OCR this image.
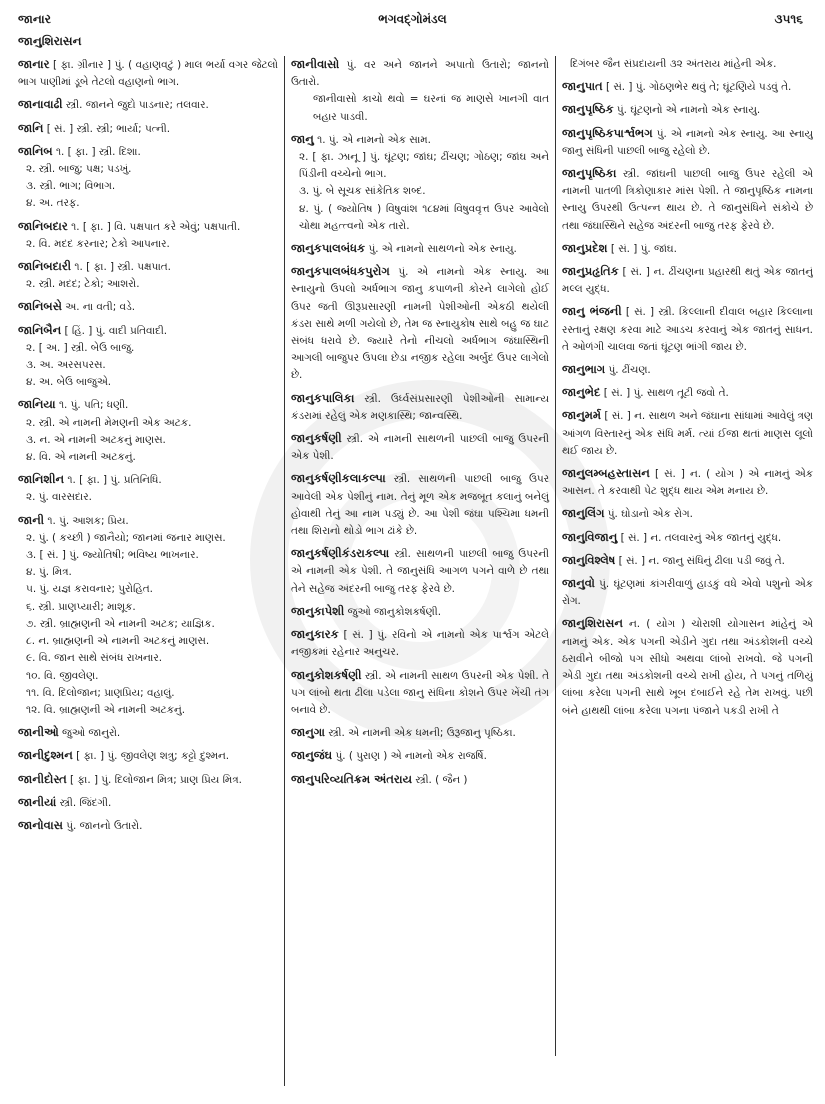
જાનાર
જાનુશિરાસન
ભગવદ્ગોમંડલ	૩૫૧૬
જાનાર [ ફા. ગ્રીનાર ] પું. ( વહાણવટું ) માલ ભર્યા વગર જેટલો ભાગ પાણીમાં ડૂબે તેટલો વહાણનો ભાગ.
જાનાવાઢી સ્ત્રી. જાનને જુદો પાડનાર; તલવાર.
જાનિ [ સં. ] સ્ત્રી. સ્ત્રી; ભાર્યા; પત્ની.
જાનિબ ૧. [ ફા. ] સ્ત્રી. દિશા.
૨. સ્ત્રી. બાજુ; પક્ષ; પડખું.
૩. સ્ત્રી. ભાગ; વિભાગ.
૪. અ. તરફ.
જાનિબદાર ૧. [ ફા. ] વિ. પક્ષપાત કરે એવું; પક્ષપાતી.
૨. વિ. મદદ કરનાર; ટેકો આપનાર.
જાનિબદારી ૧. [ ફા. ] સ્ત્રી. પક્ષપાત.
૨. સ્ત્રી. મદદ; ટેકો; આશરો.
જાનિબસે અ. ના વતી; વડે.
જાનિબૈન [ હિં. ] પું. વાદી પ્રતિવાદી.
૨. [ અ. ] સ્ત્રી. બેઉ બાજુ.
૩. અ. અરસપરસ.
૪. અ. બેઉ બાજુએ.
જાનિયા ૧. પું. પતિ; ધણી.
૨. સ્ત્રી. એ નામની મેમણની એક અટક.
૩. ન. એ નામની અટકનું માણસ.
૪. વિ. એ નામની અટકનું.
જાનિશીન ૧. [ ફા. ] પું. પ્રતિનિધિ.
૨. પું. વારસદાર.
જાની ૧. પું. આશક; પ્રિય.
૨. પું. ( કચ્છી ) જાનૈયો; જાનમાં જનાર માણસ.
૩. [ સં. ] પું. જ્યોતિષી; ભવિષ્ય ભાખનાર.
૪. પું. મિત્ર.
૫. પું. યજ્ઞ કરાવનાર; પુરોહિત.
૬. સ્ત્રી. પ્રાણપ્યારી; માશૂક.
૭. સ્ત્રી. બ્રાહ્મણની એ નામની અટક; યાજ્ઞિક.
૮. ન. બ્રાહ્મણની એ નામની અટકનું માણસ.
૯. વિ. જાન સાથે સંબંધ રાખનાર.
૧૦. વિ. જીવલેણ.
૧૧. વિ. દિલોજાન; પ્રાણપ્રિય; વહાલું.
૧૨. વિ. બ્રાહ્મણની એ નામની અટકનું.
જાનીઓ જુઓ જાનુરો.
જાનીદુશ્મન [ ફા. ] પું. જીવલેણ શત્રુ; કટ્ટો દુશ્મન.
જાનીદોસ્ત [ ફા. ] પું. દિલોજાન મિત્ર; પ્રાણ પ્રિય મિત્ર.
જાનીયાં સ્ત્રી. જિંદગી.
જાનોવાસ પું. જાનનો ઉતારો.
જાનીવાસો પું. વર અને જાનને અપાતો ઉતારો; જાનનો ઉતારો.
જાનીવાસો કાચો થવો = ઘરનાં જ માણસે ખાનગી વાત બહાર પાડવી.
જાનુ ૧. પું. એ નામનો એક સામ.
૨. [ ફા. ઝાનૂ ] પું. ઘૂંટણ; જાંઘ; ઢીંચણ; ગોઠણ; જાંઘ અને પિંડીની વચ્ચેનો ભાગ.
૩. પું. બે સૂચક સાંકેતિક શબ્દ.
૪. પું. ( જ્યોતિષ ) વિષુવાંશ ૧૮૪માં વિષુવવૃત્ત ઉપર આવેલો ચોથા મહત્ત્વનો એક તારો.
જાનુકપાલબંધક પું. એ નામનો સાથળનો એક સ્નાયુ.
જાનુકપાલબંધકપુરોગ પું. એ નામનો એક સ્નાયુ. આ સ્નાયુનો ઉપલો અર્ધભાગ જાનુ કપાળની કોરને લાગેલો હોઈ ઉપર જતી ઊરૂપ્રસારણી નામની પેશીઓની એકઠી થયેલી કંડરા સાથે મળી ગયેલો છે, તેમ જ સ્નાયુકોષ સાથે બહુ જ ઘાટ સંબંધ ધરાવે છે. જ્યારે તેનો નીચલો અર્ધભાગ જંઘાસ્થિની આગલી બાજુપર ઉપલા છેડા નજીક રહેલા અર્બુદ ઉપર લાગેલો છે.
જાનુકપાલિકા સ્ત્રી. ઉર્ધ્વસંપ્રસારણી પેશીઓની સામાન્ય કંડરામાં રહેલું એક મણકાસ્થિ; જાન્વસ્થિ.
જાનુકર્ષણી સ્ત્રી. એ નામની સાથળની પાછલી બાજુ ઉપરની એક પેશી.
જાનુકર્ષણીકલાકલ્પા સ્ત્રી. સાથળની પાછલી બાજુ ઉપર આવેલી એક પેશીનું નામ. તેનું મૂળ એક મજબૂત કલાનું બનેલું હોવાથી તેનું આ નામ પડ્યું છે. આ પેશી જંઘા પશ્ચિમા ધમની તથા શિરાનો થોડો ભાગ ઢાંકે છે.
જાનુકર્ષણીકંડરાકલ્પા સ્ત્રી. સાથળની પાછલી બાજુ ઉપરની એ નામની એક પેશી. તે જાનુસંધિ આગળ પગને વાળે છે તથા તેને સહેજ અંદરની બાજુ તરફ ફેરવે છે.
જાનુકાપેશી જુઓ જાનુકોશકર્ષણી.
જાનુકારક [ સં. ] પું. રવિનો એ નામનો એક પાર્શ્વગ એટલે નજીકમાં રહેનાર અનુચર.
જાનુકોશકર્ષણી સ્ત્રી. એ નામની સાથળ ઉપરની એક પેશી. તે પગ લાંબો થતા ઢીલા પડેલા જાનુ સંધિના કોશને ઉપર ખેંચી તંગ બનાવે છે.
જાનુગા સ્ત્રી. એ નામની એક ધમની; ઉરૂજાનુ પૃષ્ઠિકા.
જાનુજંઘ પું. ( પુરાણ ) એ નામનો એક રાજર્ષિ.
જાનુપરિવ્યતિક્રમ અંતરાય સ્ત્રી. ( જૈન )
દિગંબર જૈન સંપ્રદાયની ૩૨ અંતરાય માંહેની એક.
જાનુપાત [ સં. ] પું. ગોઠણભેર થવું તે; ઘૂંટણિયે પડવું તે.
જાનુપૃષ્ઠિક પું. ઘૂંટણનો એ નામનો એક સ્નાયુ.
જાનુપૃષ્ઠિકપાર્શ્વભગ પું. એ નામનો એક સ્નાયુ. આ સ્નાયુ જાનુ સંધિની પાછલી બાજુ રહેલો છે.
જાનુપૃષ્ઠિકા સ્ત્રી. જાંઘની પાછલી બાજુ ઉપર રહેલી એ નામની પાતળી ત્રિકોણાકાર માંસ પેશી. તે જાનુપૃષ્ઠિક નામના સ્નાયુ ઉપરથી ઉત્પન્ન થાય છે. તે જાનુસંધિને સંકોચે છે તથા જંઘાસ્થિને સહેજ અંદરની બાજુ તરફ ફેરવે છે.
જાનુપ્રદેશ [ સં. ] પું. જાંઘ.
જાનુપ્રહૃતિક [ સં. ] ન. ઢીંચણના પ્રહારથી થતું એક જાતનું મલ્લ યુદ્ધ.
જાનુ ભંજની [ સં. ] સ્ત્રી. કિલ્લાની દીવાલ બહાર કિલ્લાના રસ્તાનું રક્ષણ કરવા માટે આડચ કરવાનું એક જાતનું સાધન. તે ઓળંગી ચાલવા જતાં ઘૂંટણ ભાંગી જાય છે.
જાનુભાગ પું. ઢીંચણ.
જાનુભેદ [ સં. ] પું. સાથળ તૂટી જવો તે.
જાનુમર્મ [ સં. ] ન. સાથળ અને જંઘાના સાંધામાં આવેલું ત્રણ આંગળ વિસ્તારનું એક સંધિ મર્મ. ત્યાં ઈજા થતાં માણસ લૂલો થઈ જાય છે.
જાનુલમ્બહસ્તાસન [ સં. ] ન. ( યોગ ) એ નામનું એક આસન. તે કરવાથી પેટ શુદ્ધ થાય એમ મનાય છે.
જાનુલિંગ પું. ઘોડાનો એક રોગ.
જાનુવિજાનુ [ સં. ] ન. તલવારનું એક જાતનું યુદ્ધ.
જાનુવિશ્લેષ [ સં. ] ન. જાનુ સંધિનું ઢીલા પડી જવું તે.
જાનુવો પું. ઘૂંટણમાં કાંગરીવાળું હાડકું વધે એવો પશુનો એક રોગ.
જાનુશિરાસન ન. ( યોગ ) ચોરાશી યોગાસન માંહેનું એ નામનું એક. એક પગની એડીને ગુદા તથા અંડકોશની વચ્ચે ઠરાવીને બીજો પગ સીધો અથવા લાંબો રાખવો. જે પગની એડી ગુદા તથા અંડકોશની વચ્ચે રાખી હોય, તે પગનું તળિયું લાંબા કરેલા પગની સાથે ખૂબ દબાઈને રહે તેમ રાખવું. પછી બંને હાથથી લાંબા કરેલા પગના પંજાને પકડી રાખી તે
